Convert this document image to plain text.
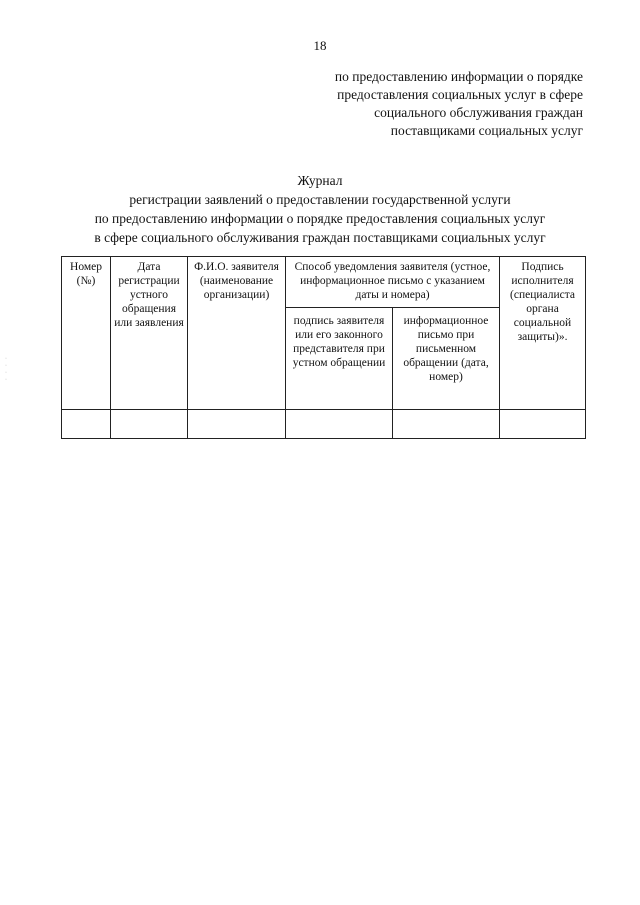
18
по предоставлению информации о порядке
предоставления социальных услуг в сфере
социального обслуживания граждан
поставщиками социальных услуг
Журнал
регистрации заявлений о предоставлении государственной услуги
по предоставлению информации о порядке предоставления социальных услуг
в сфере социального обслуживания граждан поставщиками социальных услуг
Номер (№)	Дата регистрации устного обращения или заявления	Ф.И.О. заявителя (наименование организации)	Способ уведомления заявителя (устное, информационное письмо с указанием даты и номера)		Подпись исполнителя (специалиста органа социальной защиты)».
			подпись заявителя или его законного представителя при устном обращении	информационное письмо при письменном обращении (дата, номер)	

·
·
·
·
